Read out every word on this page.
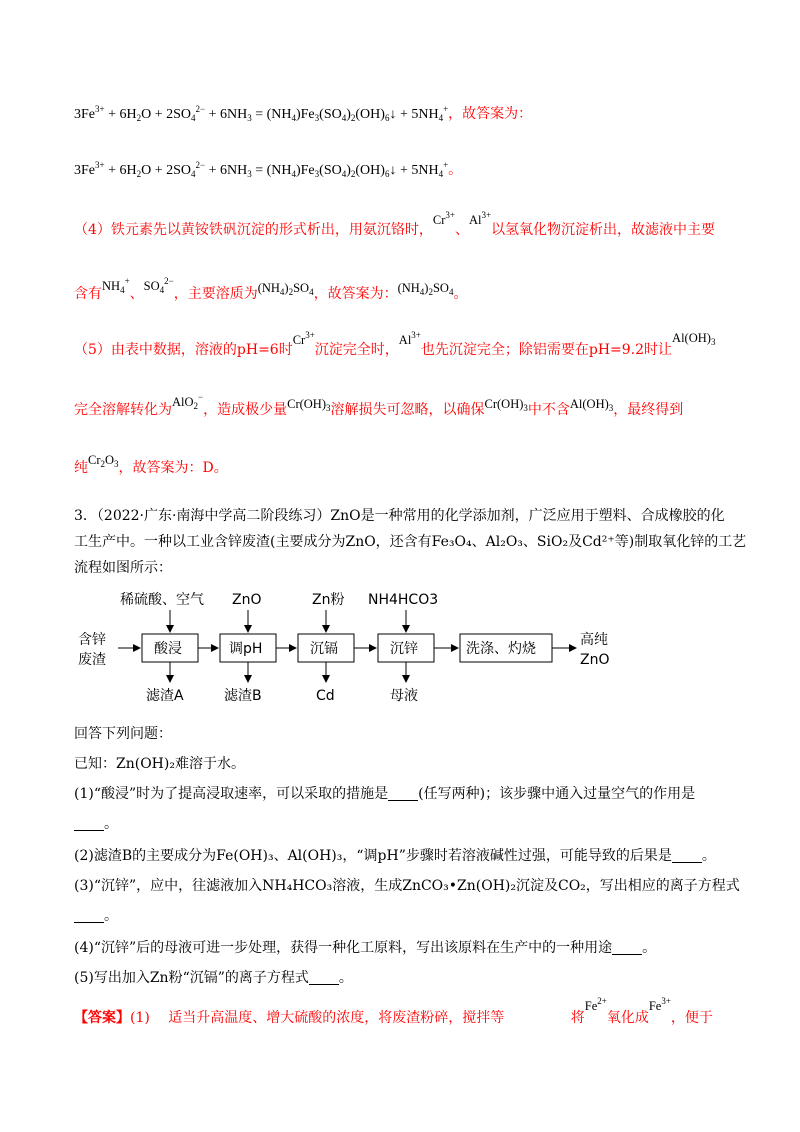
$3Fe^{3+} + 6H_2O + 2SO_4^{2-} + 6NH_3$ = $(NH_4)Fe_3(SO_4)_2(OH)_6↓ + 5NH_4^+$，故答案为：
$3Fe^{3+} + 6H_2O + 2SO_4^{2-} + 6NH_3$ = $(NH_4)Fe_3(SO_4)_2(OH)_6↓ + 5NH_4^+$。
（4）铁元素先以黄铵铁矾沉淀的形式析出，用氨沉铬时，$Cr^{3+}$、$Al^{3+}$以氢氧化物沉淀析出，故滤液中主要
含有$NH_4^+$、$SO_4^{2-}$，主要溶质为$(NH_4)_2SO_4$，故答案为：$(NH_4)_2SO_4$。
（5）由表中数据，溶液的pH=6时$Cr^{3+}$沉淀完全时，$Al^{3+}$也先沉淀完全；除铝需要在pH=9.2时让$Al(OH)_3$
完全溶解转化为AlO$_2$−，造成极少量$Cr(OH)_3$溶解损失可忽略，以确保$Cr(OH)_3$中不含$Al(OH)_3$，最终得到
纯$Cr_2O_3$，故答案为：D。
3．（2022·广东·南海中学高二阶段练习）ZnO是一种常用的化学添加剂，广泛应用于塑料、合成橡胶的化
工生产中。一种以工业含锌废渣(主要成分为ZnO，还含有Fe₃O₄、Al₂O₃、SiO₂及Cd²⁺等)制取氧化锌的工艺
流程如图所示：
含锌
废渣
酸浸	调pH	沉镉	沉锌	洗涤、灼烧
高纯
ZnO
稀硫酸、空气 ZnO	Zn粉 NH4HCO3
滤渣A	滤渣B	Cd	母液
回答下列问题：
已知：Zn(OH)₂难溶于水。
(1)“酸浸”时为了提高浸取速率，可以采取的措施是 (任写两种)；该步骤中通入过量空气的作用是
。
(2)滤渣B的主要成分为Fe(OH)₃、Al(OH)₃，“调pH”步骤时若溶液碱性过强，可能导致的后果是 。
(3)“沉锌”，应中，往滤液加入NH₄HCO₃溶液，生成ZnCO₃•Zn(OH)₂沉淀及CO₂，写出相应的离子方程式
。
(4)“沉锌”后的母液可进一步处理，获得一种化工原料，写出该原料在生产中的一种用途 。
(5)写出加入Zn粉“沉镉”的离子方程式 。
【答案】(1) 适当升高温度、增大硫酸的浓度，将废渣粉碎，搅拌等	将$Fe^{2+}$氧化成$Fe^{3+}$，便于
